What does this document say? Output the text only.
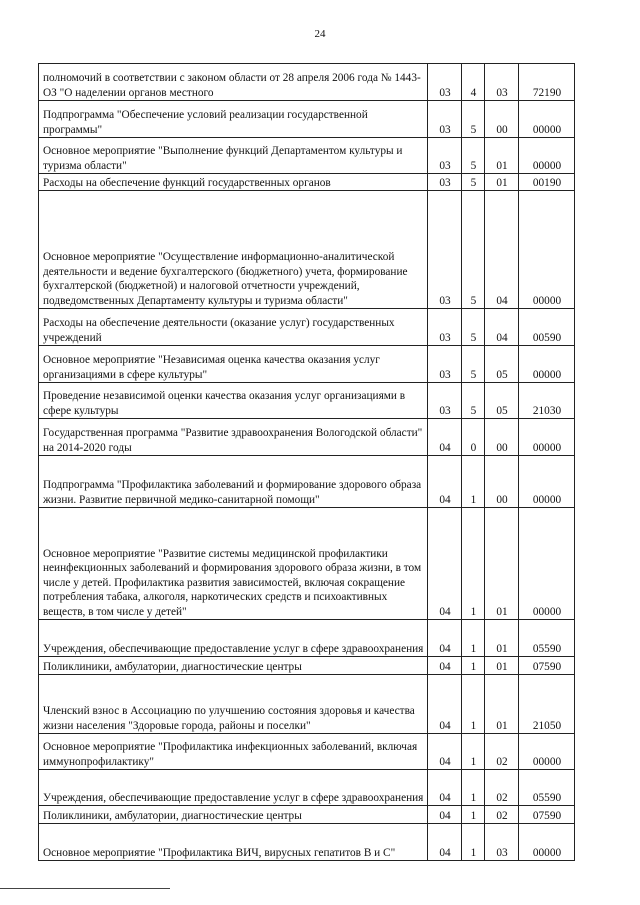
24
полномочий в соответствии с законом области от 28 апреля 2006 года № 1443-ОЗ "О наделении органов местного	03	4	03	72190
Подпрограмма "Обеспечение условий реализации государственной программы"	03	5	00	00000
Основное мероприятие "Выполнение функций Департаментом культуры и туризма области"	03	5	01	00000
Расходы на обеспечение функций государственных органов	03	5	01	00190
Основное мероприятие "Осуществление информационно-аналитической деятельности и ведение бухгалтерского (бюджетного) учета, формирование бухгалтерской (бюджетной) и налоговой отчетности учреждений, подведомственных Департаменту культуры и туризма области"	03	5	04	00000
Расходы на обеспечение деятельности (оказание услуг) государственных учреждений	03	5	04	00590
Основное мероприятие "Независимая оценка качества оказания услуг организациями в сфере культуры"	03	5	05	00000
Проведение независимой оценки качества оказания услуг организациями в сфере культуры	03	5	05	21030
Государственная программа "Развитие здравоохранения Вологодской области" на 2014-2020 годы	04	0	00	00000
Подпрограмма "Профилактика заболеваний и формирование здорового образа жизни. Развитие первичной медико-санитарной помощи"	04	1	00	00000
Основное мероприятие "Развитие системы медицинской профилактики неинфекционных заболеваний и формирования здорового образа жизни, в том числе у детей. Профилактика развития зависимостей, включая сокращение потребления табака, алкоголя, наркотических средств и психоактивных веществ, в том числе у детей"	04	1	01	00000
Учреждения, обеспечивающие предоставление услуг в сфере здравоохранения	04	1	01	05590
Поликлиники, амбулатории, диагностические центры	04	1	01	07590
Членский взнос в Ассоциацию по улучшению состояния здоровья и качества жизни населения "Здоровые города, районы и поселки"	04	1	01	21050
Основное мероприятие "Профилактика инфекционных заболеваний, включая иммунопрофилактику"	04	1	02	00000
Учреждения, обеспечивающие предоставление услуг в сфере здравоохранения	04	1	02	05590
Поликлиники, амбулатории, диагностические центры	04	1	02	07590
Основное мероприятие "Профилактика ВИЧ, вирусных гепатитов В и С"	04	1	03	00000
